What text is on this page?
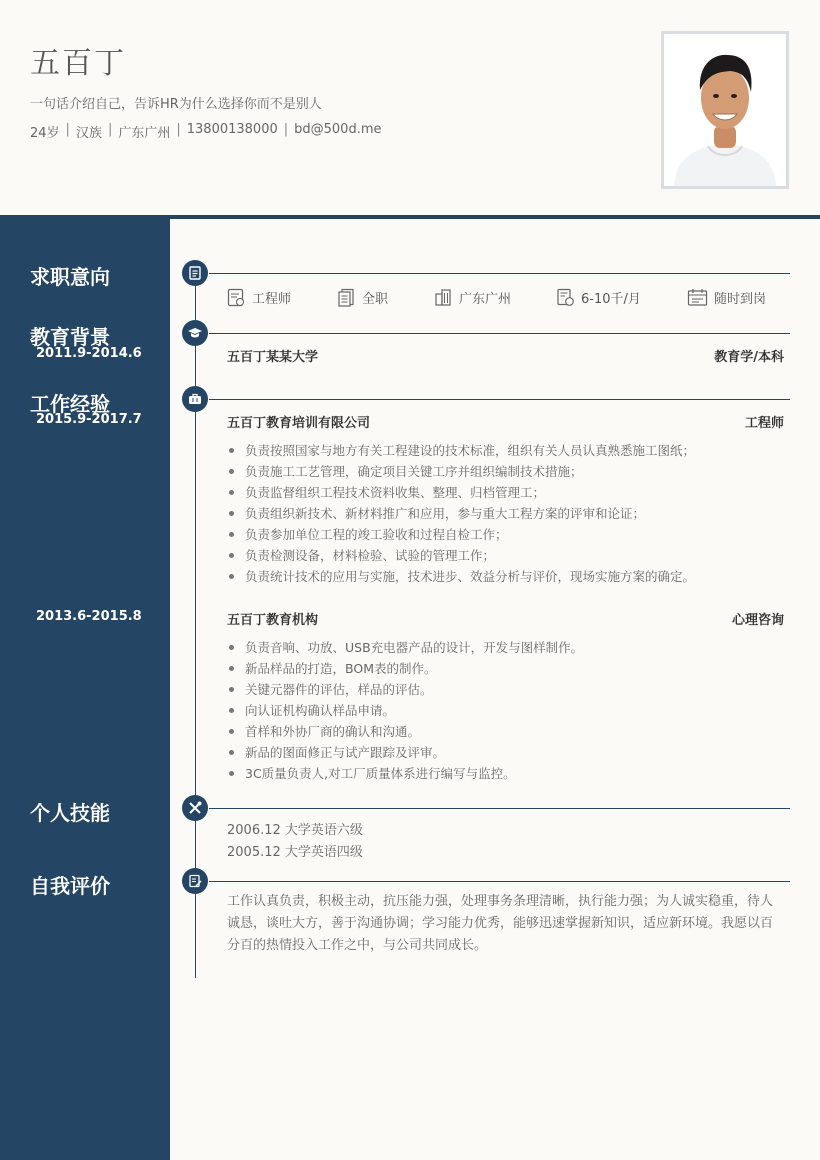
五百丁
一句话介绍自己，告诉HR为什么选择你而不是别人
24岁 | 汉族 | 广东广州 | 13800138000 | bd@500d.me
求职意向
教育背景
2011.9-2014.6
工作经验
2015.9-2017.7
2013.6-2015.8
个人技能
自我评价
工程师	全职	广东广州	6-10千/月	随时到岗
五百丁某某大学	教育学/本科
五百丁教育培训有限公司	工程师
负责按照国家与地方有关工程建设的技术标准，组织有关人员认真熟悉施工图纸；
负责施工工艺管理，确定项目关键工序并组织编制技术措施；
负责监督组织工程技术资料收集、整理、归档管理工；
负责组织新技术、新材料推广和应用，参与重大工程方案的评审和论证；
负责参加单位工程的竣工验收和过程自检工作；
负责检测设备，材料检验、试验的管理工作；
负责统计技术的应用与实施，技术进步、效益分析与评价，现场实施方案的确定。
五百丁教育机构	心理咨询
负责音响、功放、USB充电器产品的设计，开发与图样制作。
新品样品的打造，BOM表的制作。
关键元器件的评估，样品的评估。
向认证机构确认样品申请。
首样和外协厂商的确认和沟通。
新品的图面修正与试产跟踪及评审。
3C质量负责人,对工厂质量体系进行编写与监控。
2006.12 大学英语六级
2005.12 大学英语四级
工作认真负责，积极主动，抗压能力强，处理事务条理清晰，执行能力强；为人诚实稳重，待人诚恳，谈吐大方，善于沟通协调；学习能力优秀，能够迅速掌握新知识，适应新环境。我愿以百分百的热情投入工作之中，与公司共同成长。
